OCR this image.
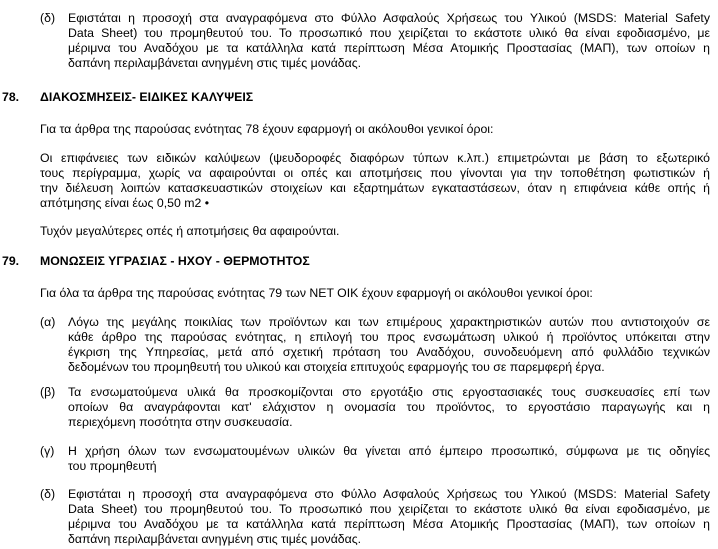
(δ) Εφιστάται η προσοχή στα αναγραφόμενα στο Φύλλο Ασφαλούς Χρήσεως του Υλικού (MSDS: Material Safety
Data Sheet) του προμηθευτού του. Το προσωπικό που χειρίζεται το εκάστοτε υλικό θα είναι εφοδιασμένο, με
μέριμνα του Αναδόχου με τα κατάλληλα κατά περίπτωση Μέσα Ατομικής Προστασίας (ΜΑΠ), των οποίων η
δαπάνη περιλαμβάνεται ανηγμένη στις τιμές μονάδας.
78. ΔΙΑΚΟΣΜΗΣΕΙΣ- ΕΙΔΙΚΕΣ ΚΑΛΥΨΕΙΣ
Για τα άρθρα της παρούσας ενότητας 78 έχουν εφαρμογή οι ακόλουθοι γενικοί όροι:
Οι επιφάνειες των ειδικών καλύψεων (ψευδοροφές διαφόρων τύπων κ.λπ.) επιμετρώνται με βάση το εξωτερικό
τους περίγραμμα, χωρίς να αφαιρούνται οι οπές και αποτμήσεις που γίνονται για την τοποθέτηση φωτιστικών ή
την διέλευση λοιπών κατασκευαστικών στοιχείων και εξαρτημάτων εγκαταστάσεων, όταν η επιφάνεια κάθε οπής ή
απότμησης είναι έως 0,50 m2 •
Τυχόν μεγαλύτερες οπές ή αποτμήσεις θα αφαιρούνται.
79. ΜΟΝΩΣΕΙΣ ΥΓΡΑΣΙΑΣ - ΗΧΟΥ - ΘΕΡΜΟΤΗΤΟΣ
Για όλα τα άρθρα της παρούσας ενότητας 79 των ΝΕΤ ΟΙΚ έχουν εφαρμογή οι ακόλουθοι γενικοί όροι:
(α) Λόγω της μεγάλης ποικιλίας των προϊόντων και των επιμέρους χαρακτηριστικών αυτών που αντιστοιχούν σε
κάθε άρθρο της παρούσας ενότητας, η επιλογή του προς ενσωμάτωση υλικού ή προϊόντος υπόκειται στην
έγκριση της Υπηρεσίας, μετά από σχετική πρόταση του Αναδόχου, συνοδευόμενη από φυλλάδιο τεχνικών
δεδομένων του προμηθευτή του υλικού και στοιχεία επιτυχούς εφαρμογής του σε παρεμφερή έργα.
(β) Τα ενσωματούμενα υλικά θα προσκομίζονται στο εργοτάξιο στις εργοστασιακές τους συσκευασίες επί των
οποίων θα αναγράφονται κατ' ελάχιστον η ονομασία του προϊόντος, το εργοστάσιο παραγωγής και η
περιεχόμενη ποσότητα στην συσκευασία.
(γ) Η χρήση όλων των ενσωματουμένων υλικών θα γίνεται από έμπειρο προσωπικό, σύμφωνα με τις οδηγίες
του προμηθευτή
(δ) Εφιστάται η προσοχή στα αναγραφόμενα στο Φύλλο Ασφαλούς Χρήσεως του Υλικού (MSDS: Material Safety
Data Sheet) του προμηθευτού του. Το προσωπικό που χειρίζεται το εκάστοτε υλικό θα είναι εφοδιασμένο, με
μέριμνα του Αναδόχου με τα κατάλληλα κατά περίπτωση Μέσα Ατομικής Προστασίας (ΜΑΠ), των οποίων η
δαπάνη περιλαμβάνεται ανηγμένη στις τιμές μονάδας.
